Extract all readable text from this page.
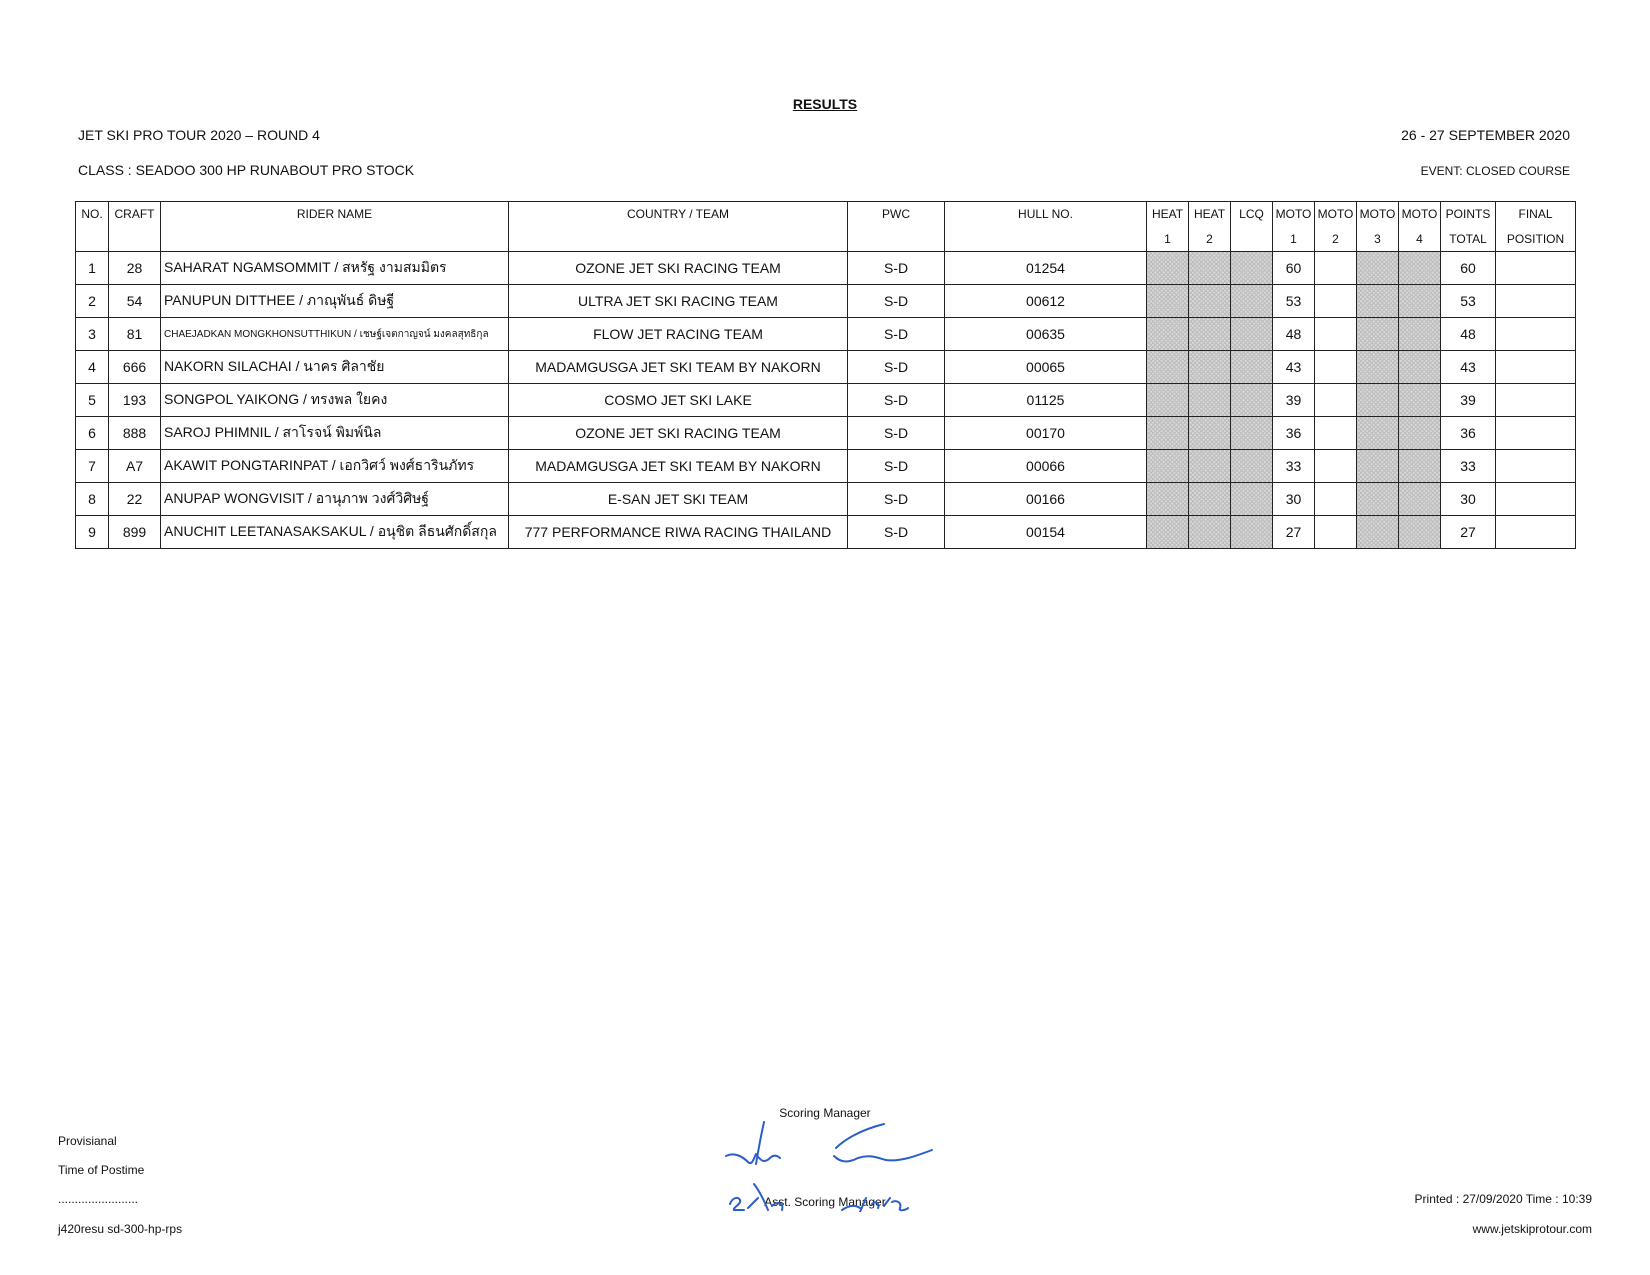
RESULTS
JET SKI PRO TOUR 2020 – ROUND 4	26 - 27 SEPTEMBER 2020
CLASS : SEADOO 300 HP RUNABOUT PRO STOCK	EVENT: CLOSED COURSE
NO.	CRAFT	RIDER NAME	COUNTRY / TEAM	PWC	HULL NO.	HEAT	HEAT	LCQ	MOTO	MOTO	MOTO	MOTO	POINTS	FINAL
						1	2		1	2	3	4	TOTAL	POSITION
1	28	SAHARAT NGAMSOMMIT / สหรัฐ งามสมมิตร	OZONE JET SKI RACING TEAM	S-D	01254				60				60	
2	54	PANUPUN DITTHEE / ภาณุพันธ์ ดิษฐี	ULTRA JET SKI RACING TEAM	S-D	00612				53				53	
3	81	CHAEJADKAN MONGKHONSUTTHIKUN / เชษฐ์เจตกาญจน์ มงคลสุทธิกุล	FLOW JET RACING TEAM	S-D	00635				48				48	
4	666	NAKORN SILACHAI / นาคร ศิลาชัย	MADAMGUSGA JET SKI TEAM BY NAKORN	S-D	00065				43				43	
5	193	SONGPOL YAIKONG / ทรงพล ใยคง	COSMO JET SKI LAKE	S-D	01125				39				39	
6	888	SAROJ PHIMNIL / สาโรจน์ พิมพ์นิล	OZONE JET SKI RACING TEAM	S-D	00170				36				36	
7	A7	AKAWIT PONGTARINPAT / เอกวิศว์ พงศ์ธารินภัทร	MADAMGUSGA JET SKI TEAM BY NAKORN	S-D	00066				33				33	
8	22	ANUPAP WONGVISIT / อานุภาพ วงศ์วิศิษฐ์	E-SAN JET SKI TEAM	S-D	00166				30				30	
9	899	ANUCHIT LEETANASAKSAKUL / อนุชิต ลีธนศักดิ์สกุล	777 PERFORMANCE RIWA RACING THAILAND	S-D	00154				27				27	
Scoring Manager
Asst. Scoring Manager
Provisianal
Time of Postime
........................
j420resu sd-300-hp-rps
Printed : 27/09/2020 Time : 10:39
www.jetskiprotour.com
